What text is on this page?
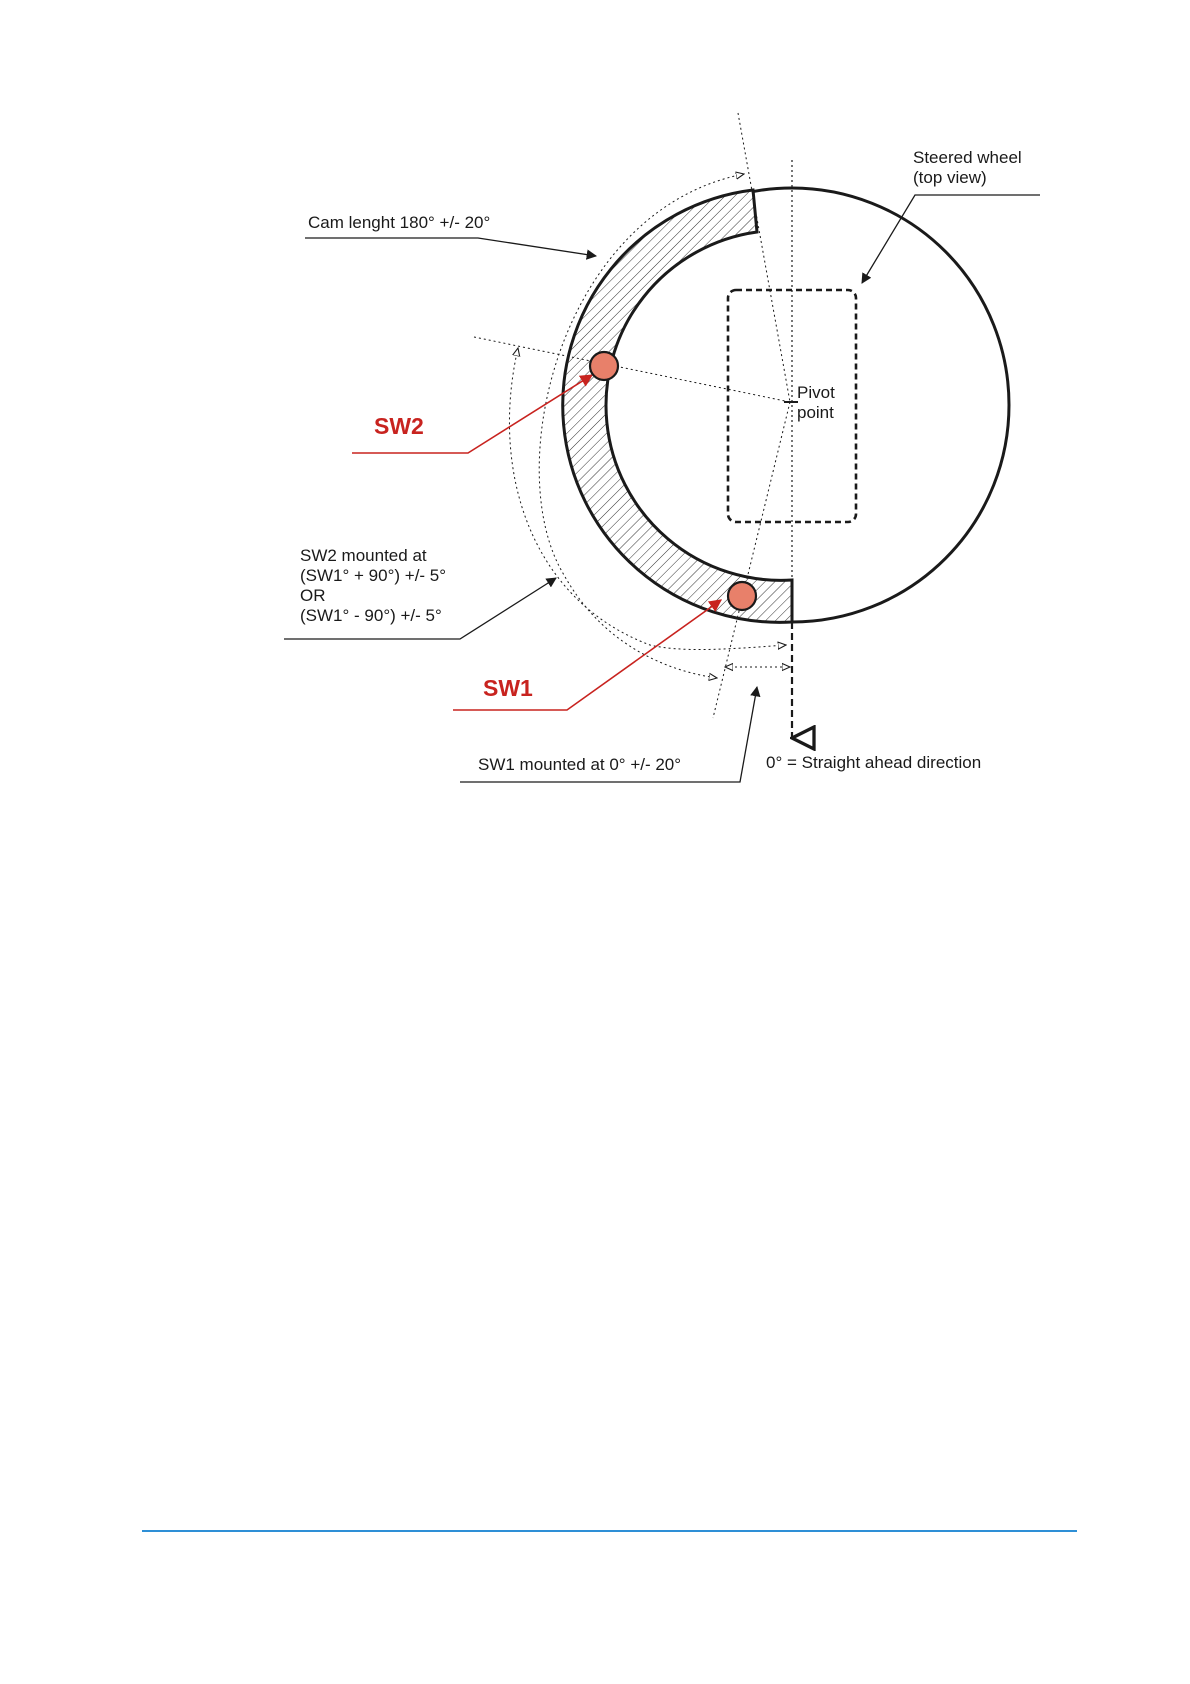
Steered wheel
(top view)
Cam lenght 180° +/- 20°
Pivot
point
SW2
SW1
SW2 mounted at
(SW1° + 90°) +/- 5°
OR
(SW1° - 90°) +/- 5°
SW1 mounted at 0° +/- 20°	0° = Straight ahead direction
